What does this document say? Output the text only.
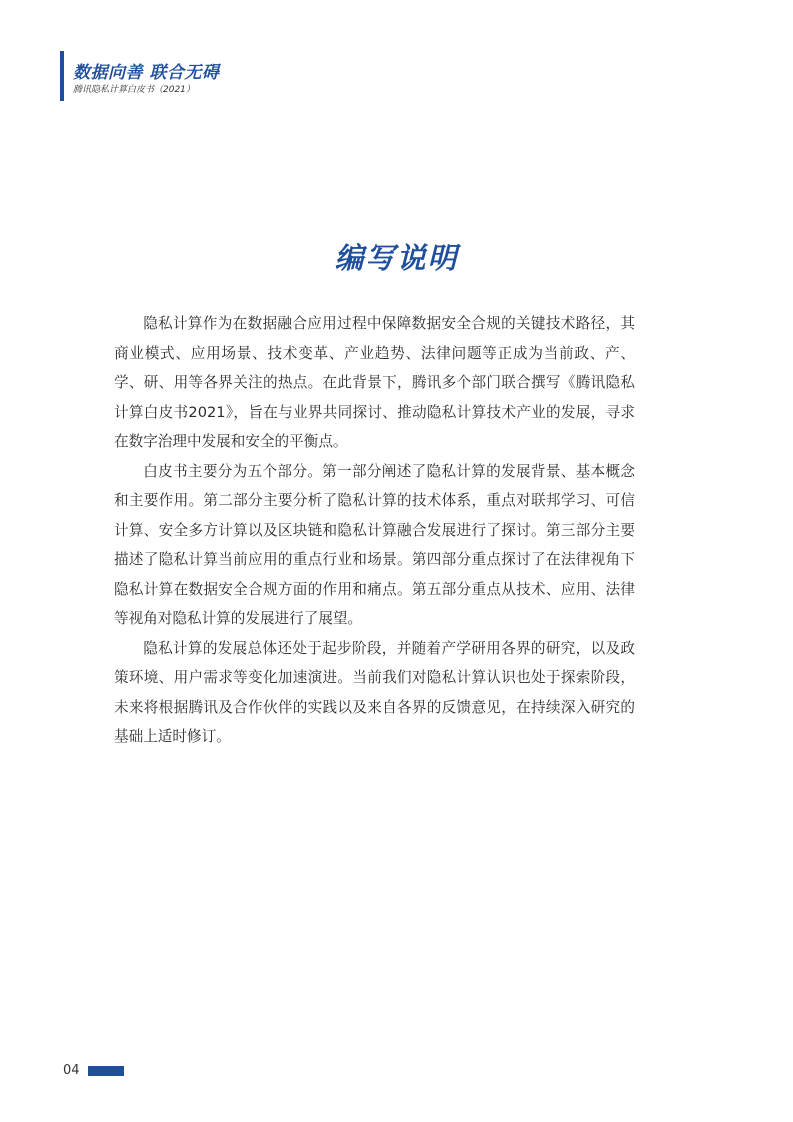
数据向善 联合无碍
腾讯隐私计算白皮书（2021）
编写说明

隐私计算作为在数据融合应用过程中保障数据安全合规的关键技术路径，其商业模式、应用场景、技术变革、产业趋势、法律问题等正成为当前政、产、学、研、用等各界关注的热点。在此背景下，腾讯多个部门联合撰写《腾讯隐私计算白皮书2021》，旨在与业界共同探讨、推动隐私计算技术产业的发展，寻求在数字治理中发展和安全的平衡点。

白皮书主要分为五个部分。第一部分阐述了隐私计算的发展背景、基本概念和主要作用。第二部分主要分析了隐私计算的技术体系，重点对联邦学习、可信计算、安全多方计算以及区块链和隐私计算融合发展进行了探讨。第三部分主要描述了隐私计算当前应用的重点行业和场景。第四部分重点探讨了在法律视角下隐私计算在数据安全合规方面的作用和痛点。第五部分重点从技术、应用、法律等视角对隐私计算的发展进行了展望。

隐私计算的发展总体还处于起步阶段，并随着产学研用各界的研究，以及政策环境、用户需求等变化加速演进。当前我们对隐私计算认识也处于探索阶段，未来将根据腾讯及合作伙伴的实践以及来自各界的反馈意见，在持续深入研究的基础上适时修订。

04
